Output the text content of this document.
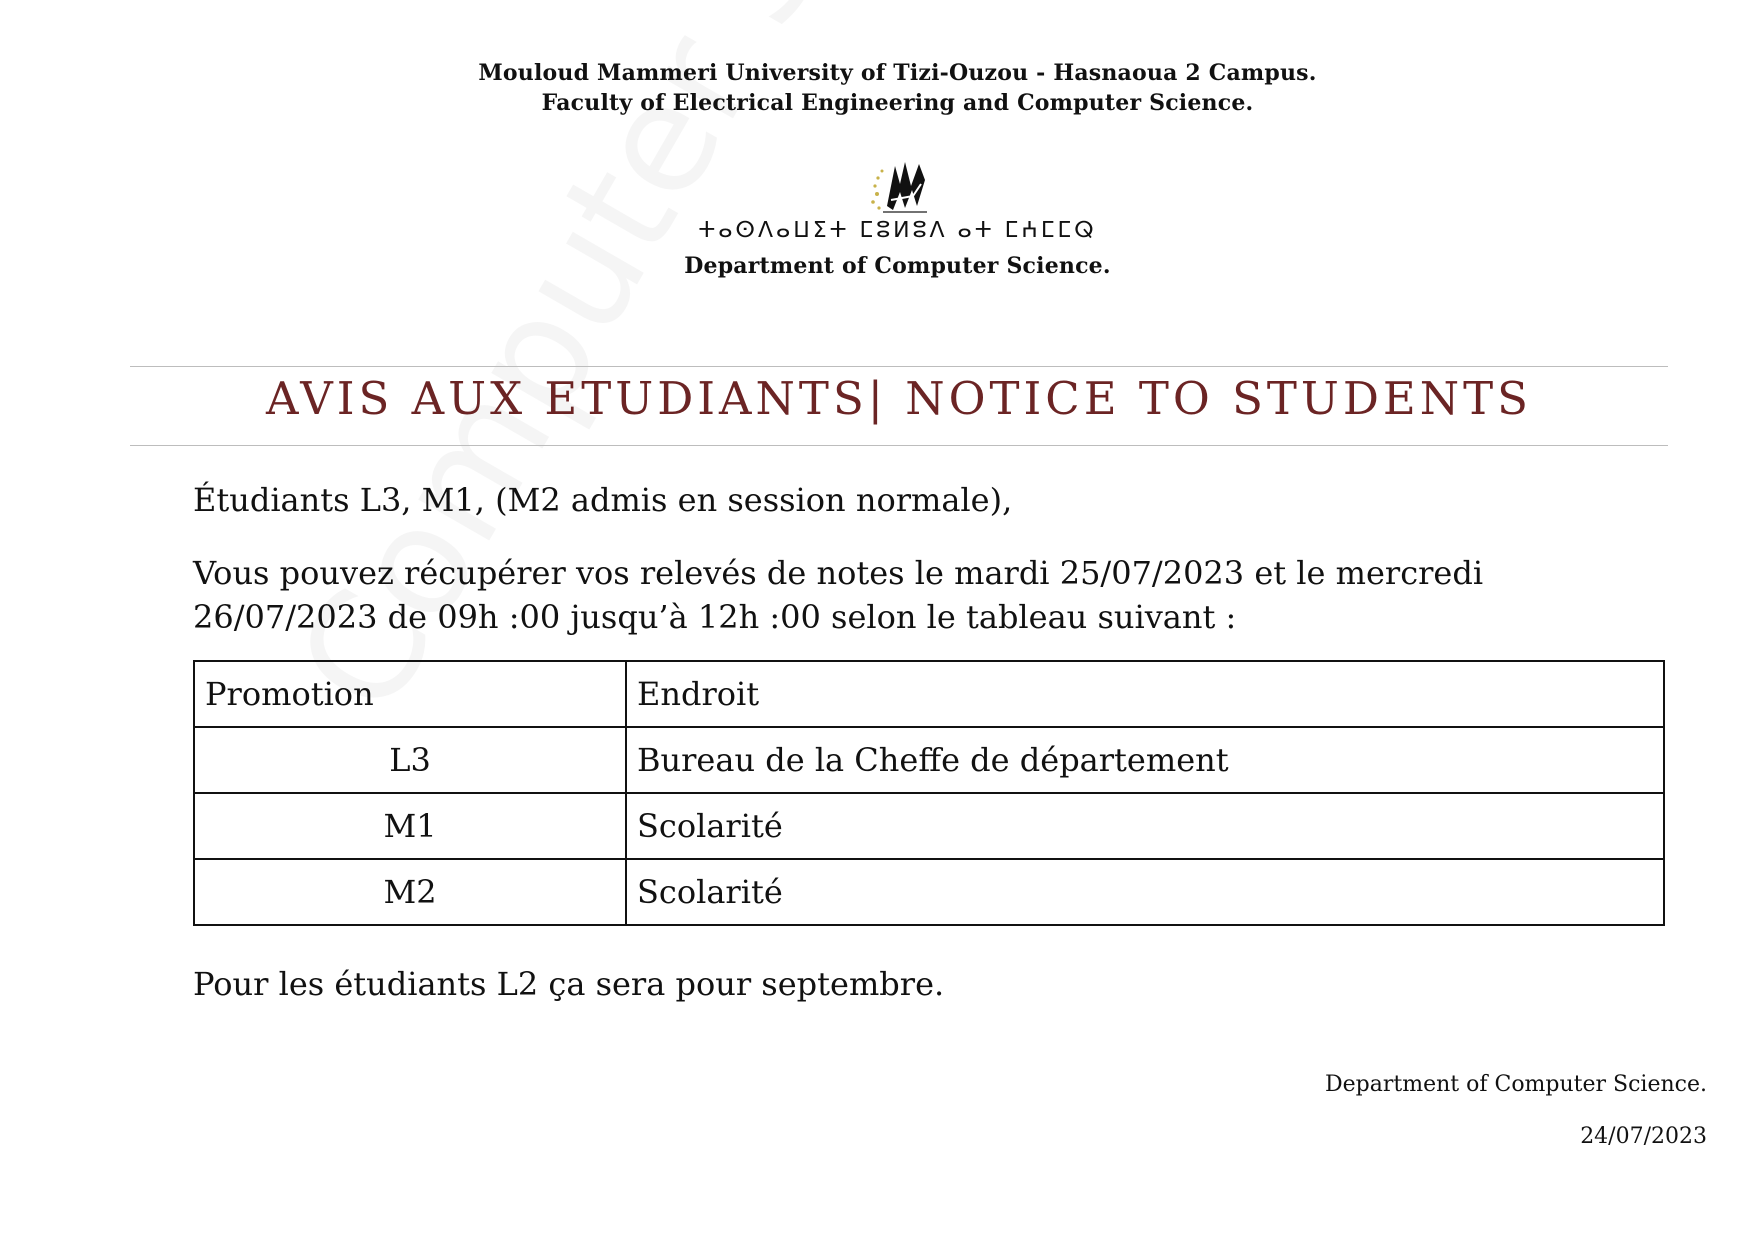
Mouloud Mammeri University of Tizi-Ouzou - Hasnaoua 2 Campus.
Faculty of Electrical Engineering and Computer Science.
ⵜⴰⵙⴷⴰⵡⵉⵜ ⵎⵓⵍⵓⴷ ⴰⵜ ⵎⵄⵎⵎⵕ
Department of Computer Science.
AVIS AUX ETUDIANTS| NOTICE TO STUDENTS
Étudiants L3, M1, (M2 admis en session normale),
Vous pouvez récupérer vos relevés de notes le mardi 25/07/2023 et le mercredi
26/07/2023 de 09h :00 jusqu’à 12h :00 selon le tableau suivant :
Promotion	Endroit
L3	Bureau de la Cheffe de département
M1	Scolarité
M2	Scolarité
Pour les étudiants L2 ça sera pour septembre.
Department of Computer Science.
24/07/2023
